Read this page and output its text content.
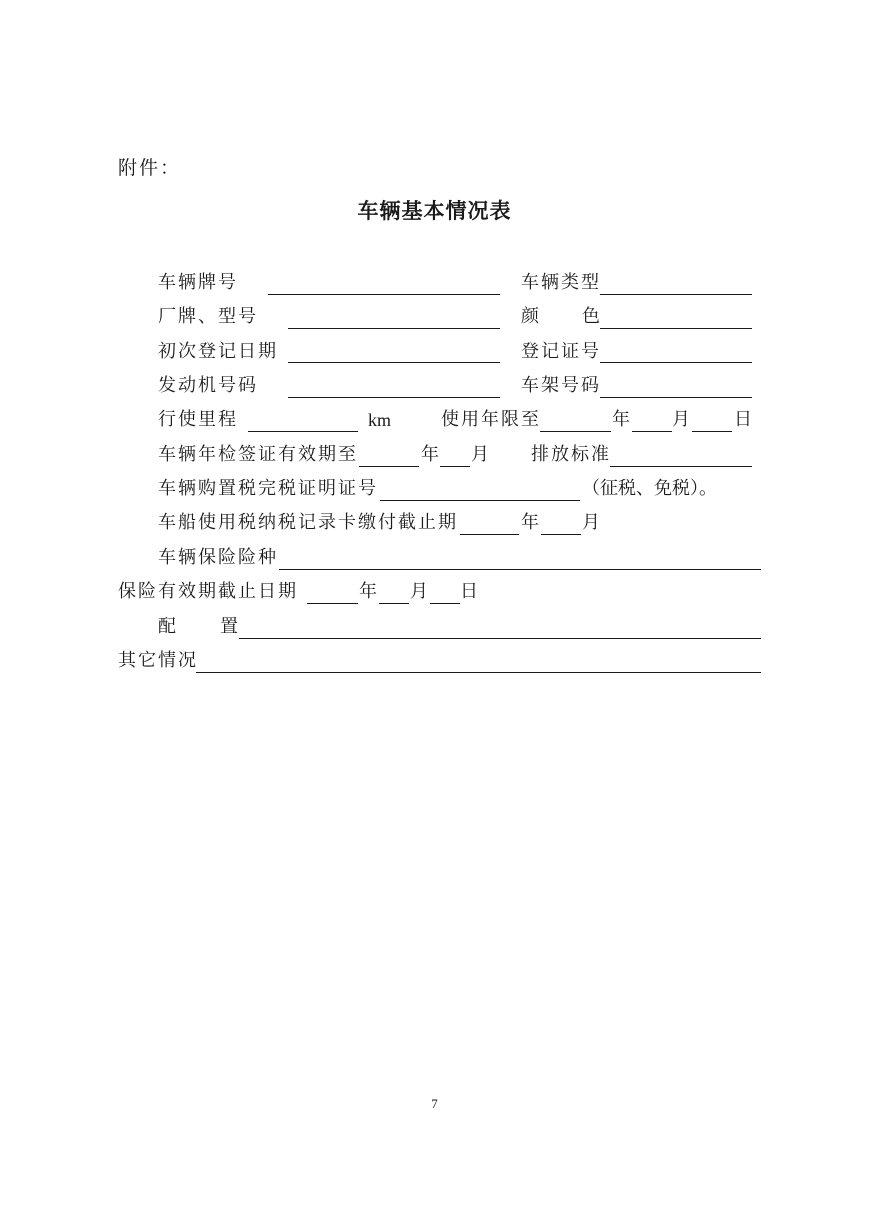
附件：
车辆基本情况表
车辆牌号	车辆类型
厂牌、型号	颜 色
初次登记日期	登记证号
发动机号码	车架号码
行使里程	km	使用年限至	年 月 日
车辆年检签证有效期至	年 月 排放标准
车辆购置税完税证明证号	（征税、免税）。
车船使用税纳税记录卡缴付截止期	年 月
车辆保险险种
保险有效期截止日期	年 月 日
配 置
其它情况
7
